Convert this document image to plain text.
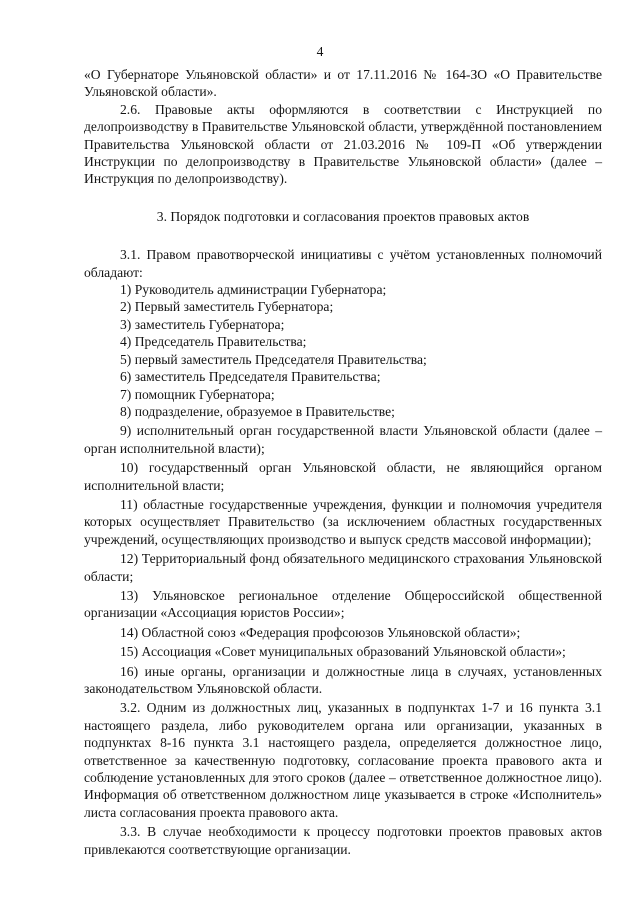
4

«О Губернаторе Ульяновской области» и от 17.11.2016 № 164-ЗО «О Правительстве Ульяновской области».

2.6. Правовые акты оформляются в соответствии с Инструкцией по делопроизводству в Правительстве Ульяновской области, утверждённой постановлением Правительства Ульяновской области от 21.03.2016 № 109-П «Об утверждении Инструкции по делопроизводству в Правительстве Ульяновской области» (далее – Инструкция по делопроизводству).

3. Порядок подготовки и согласования проектов правовых актов

3.1. Правом правотворческой инициативы с учётом установленных полномочий обладают:

1) Руководитель администрации Губернатора;

2) Первый заместитель Губернатора;

3) заместитель Губернатора;

4) Председатель Правительства;

5) первый заместитель Председателя Правительства;

6) заместитель Председателя Правительства;

7) помощник Губернатора;

8) подразделение, образуемое в Правительстве;

9) исполнительный орган государственной власти Ульяновской области (далее – орган исполнительной власти);

10) государственный орган Ульяновской области, не являющийся органом исполнительной власти;

11) областные государственные учреждения, функции и полномочия учредителя которых осуществляет Правительство (за исключением областных государственных учреждений, осуществляющих производство и выпуск средств массовой информации);

12) Территориальный фонд обязательного медицинского страхования Ульяновской области;

13) Ульяновское региональное отделение Общероссийской общественной организации «Ассоциация юристов России»;

14) Областной союз «Федерация профсоюзов Ульяновской области»;

15) Ассоциация «Совет муниципальных образований Ульяновской области»;

16) иные органы, организации и должностные лица в случаях, установленных законодательством Ульяновской области.

3.2. Одним из должностных лиц, указанных в подпунктах 1-7 и 16 пункта 3.1 настоящего раздела, либо руководителем органа или организации, указанных в подпунктах 8-16 пункта 3.1 настоящего раздела, определяется должностное лицо, ответственное за качественную подготовку, согласование проекта правового акта и соблюдение установленных для этого сроков (далее – ответственное должностное лицо). Информация об ответственном должностном лице указывается в строке «Исполнитель» листа согласования проекта правового акта.

3.3. В случае необходимости к процессу подготовки проектов правовых актов привлекаются соответствующие организации.
